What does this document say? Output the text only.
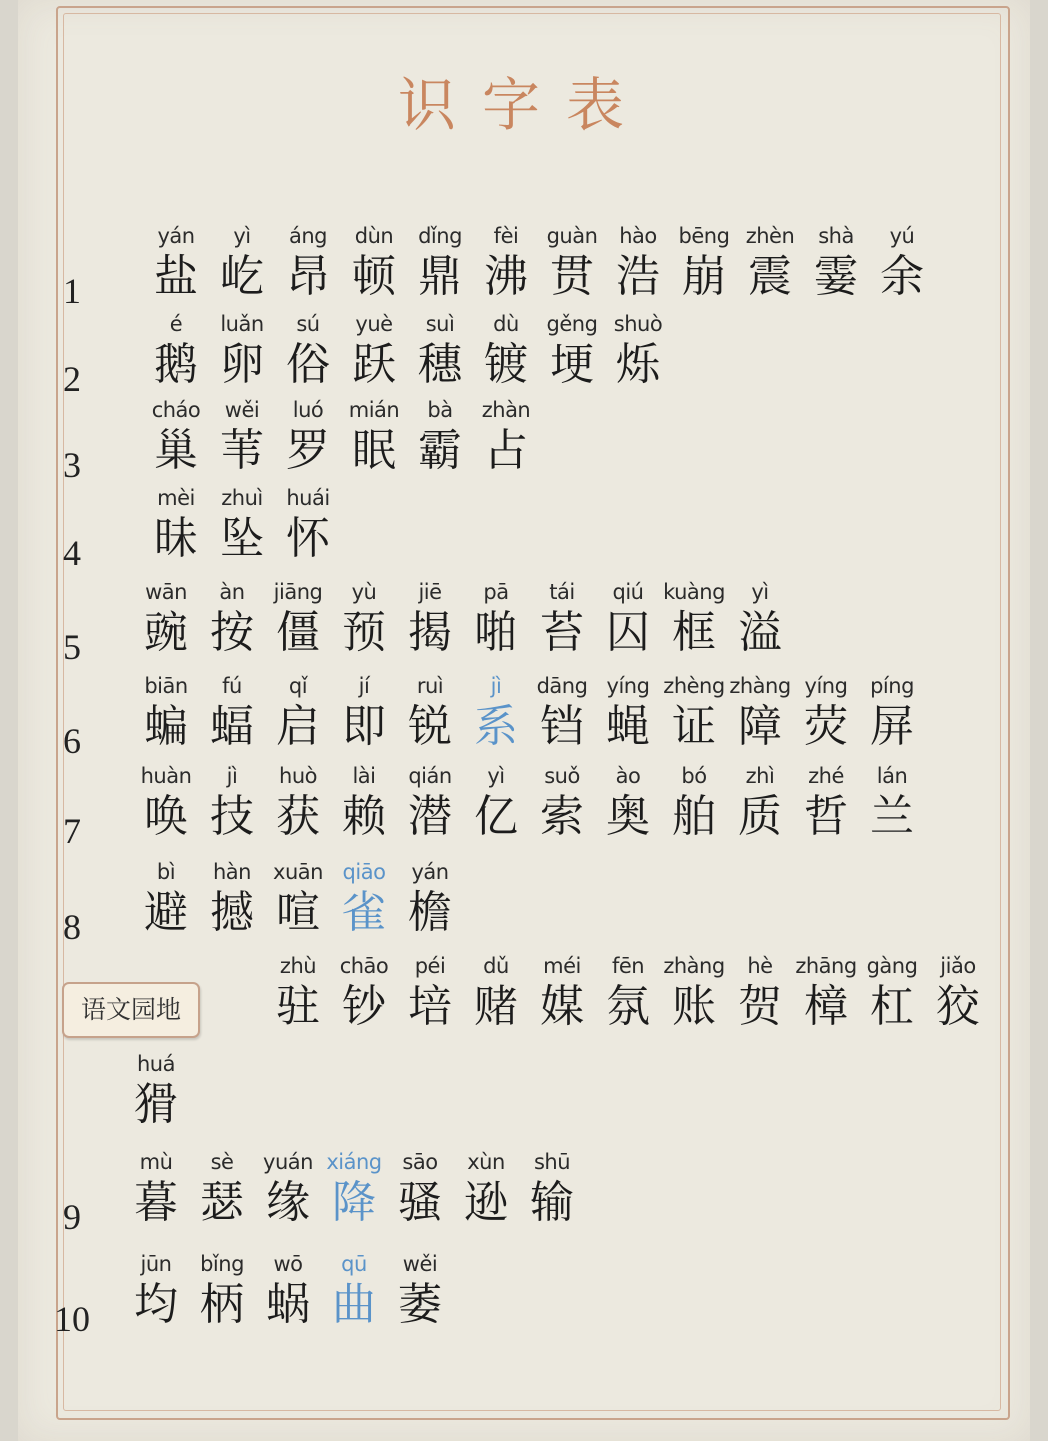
识字表
语文园地
1
yán
盐
yì
屹
áng
昂
dùn
顿
dǐng
鼎
fèi
沸
guàn
贯
hào
浩
bēng
崩
zhèn
震
shà
霎
yú
余
2
é
鹅
luǎn
卵
sú
俗
yuè
跃
suì
穗
dù
镀
gěng
埂
shuò
烁
3
cháo
巢
wěi
苇
luó
罗
mián
眠
bà
霸
zhàn
占
4
mèi
昧
zhuì
坠
huái
怀
5
wān
豌
àn
按
jiāng
僵
yù
预
jiē
揭
pā
啪
tái
苔
qiú
囚
kuàng
框
yì
溢
6
biān
蝙
fú
蝠
qǐ
启
jí
即
ruì
锐
jì
系
dāng
铛
yíng
蝇
zhèng
证
zhàng
障
yíng
荧
píng
屏
7
huàn
唤
jì
技
huò
获
lài
赖
qián
潜
yì
亿
suǒ
索
ào
奥
bó
舶
zhì
质
zhé
哲
lán
兰
8
bì
避
hàn
撼
xuān
喧
qiāo
雀
yán
檐
zhù
驻
chāo
钞
péi
培
dǔ
赌
méi
媒
fēn
氛
zhàng
账
hè
贺
zhāng
樟
gàng
杠
jiǎo
狡
huá
猾
9
mù
暮
sè
瑟
yuán
缘
xiáng
降
sāo
骚
xùn
逊
shū
输
10
jūn
均
bǐng
柄
wō
蜗
qū
曲
wěi
萎
